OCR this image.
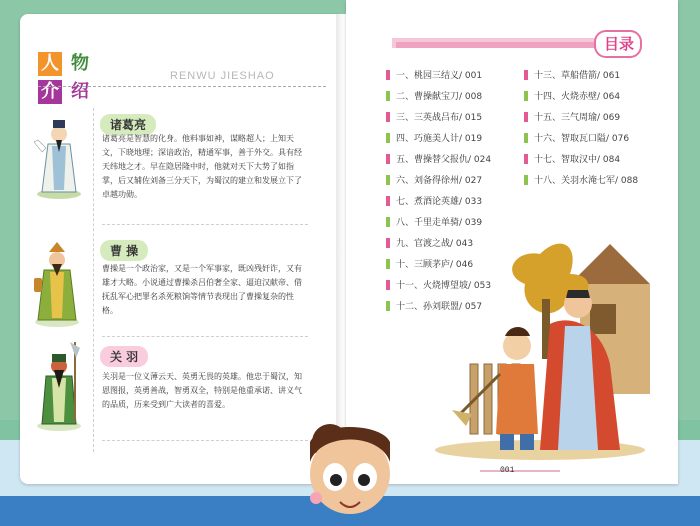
人 物
介 绍
RENWU JIESHAO
诸葛亮
诸葛亮是智慧的化身。他料事如神，谋略超人；上知天文，下晓地理；深谙政治，精通军事，善于外交。具有经天纬地之才。早在隐居隆中时，他就对天下大势了如指掌，后又辅佐刘备三分天下，为蜀汉的建立和发展立下了卓越功勋。
曹 操
曹操是一个政治家，又是一个军事家，既凶残奸诈，又有雄才大略。小说通过曹操杀吕伯奢全家、逼迫汉献帝、借抚乱军心把罪名杀死粮饷等情节表现出了曹操复杂的性格。
关 羽
关羽是一位义薄云天、英勇无畏的英雄。他忠于蜀汉，知恩图报，英勇善战，智勇双全，特别是他重承诺、讲义气的品质，历来受到广大读者的喜爱。
目录
一、桃园三结义 / 001
二、曹操献宝刀 / 008
三、三英战吕布 / 015
四、巧施美人计 / 019
五、曹操替父报仇 / 024
六、刘备得徐州 / 027
七、煮酒论英雄 / 033
八、千里走单骑 / 039
九、官渡之战 / 043
十、三顾茅庐 / 046
十一、火烧博望坡 / 053
十二、孙刘联盟 / 057
十三、草船借箭 / 061
十四、火烧赤壁 / 064
十五、三气周瑜 / 069
十六、智取瓦口隘 / 076
十七、智取汉中 / 084
十八、关羽水淹七军 / 088
001
